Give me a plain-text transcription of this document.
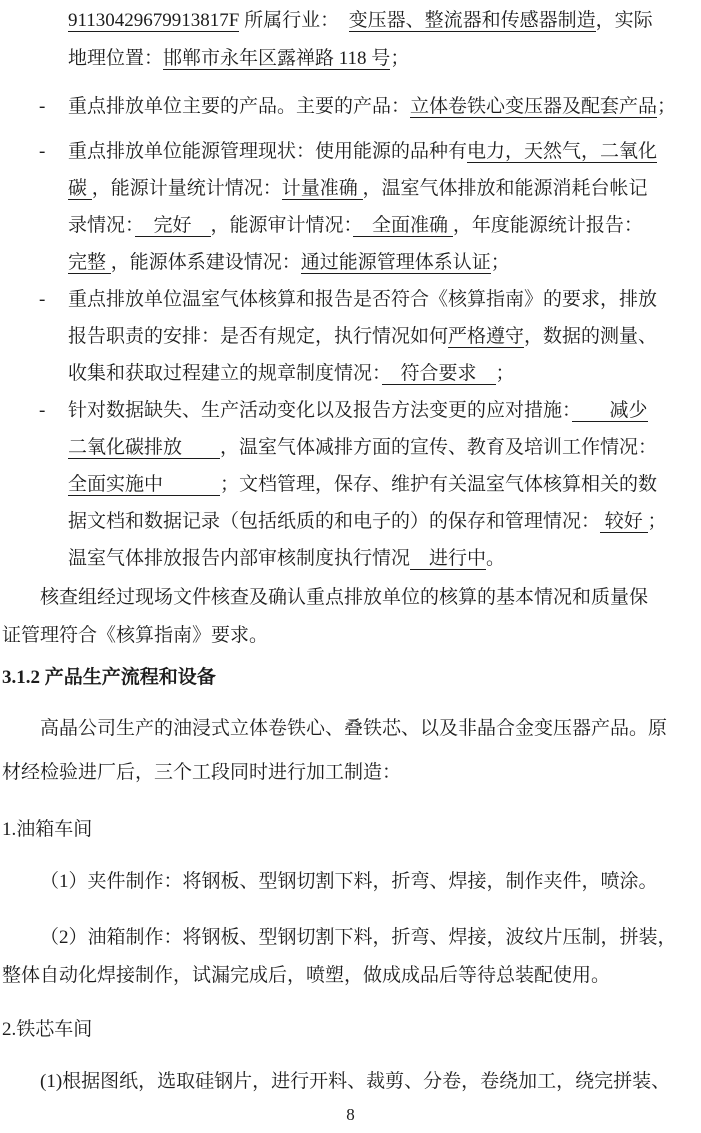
91130429679913817F 所属行业：　变压器、整流器和传感器制造，实际
地理位置：邯郸市永年区露禅路 118 号；
- 重点排放单位主要的产品。主要的产品：立体卷铁心变压器及配套产品；
- 重点排放单位能源管理现状：使用能源的品种有电力，天然气，二氧化
碳 ，能源计量统计情况：计量准确 ，温室气体排放和能源消耗台帐记
录情况：　完好　，能源审计情况：　全面准确 ，年度能源统计报告：
完整 ，能源体系建设情况：通过能源管理体系认证；
- 重点排放单位温室气体核算和报告是否符合《核算指南》的要求，排放
报告职责的安排：是否有规定，执行情况如何严格遵守，数据的测量、
收集和获取过程建立的规章制度情况：　符合要求　；
- 针对数据缺失、生产活动变化以及报告方法变更的应对措施：　　减少
二氧化碳排放　　，温室气体减排方面的宣传、教育及培训工作情况：
全面实施中　　　；文档管理，保存、维护有关温室气体核算相关的数
据文档和数据记录（包括纸质的和电子的）的保存和管理情况： 较好 ；
温室气体排放报告内部审核制度执行情况　进行中。
核查组经过现场文件核查及确认重点排放单位的核算的基本情况和质量保
证管理符合《核算指南》要求。
3.1.2 产品生产流程和设备
高晶公司生产的油浸式立体卷铁心、叠铁芯、以及非晶合金变压器产品。原
材经检验进厂后，三个工段同时进行加工制造：
1.油箱车间
（1）夹件制作：将钢板、型钢切割下料，折弯、焊接，制作夹件，喷涂。
（2）油箱制作：将钢板、型钢切割下料，折弯、焊接，波纹片压制，拼装，
整体自动化焊接制作，试漏完成后，喷塑，做成成品后等待总装配使用。
2.铁芯车间
(1)根据图纸，选取硅钢片，进行开料、裁剪、分卷，卷绕加工，绕完拼装、
8
